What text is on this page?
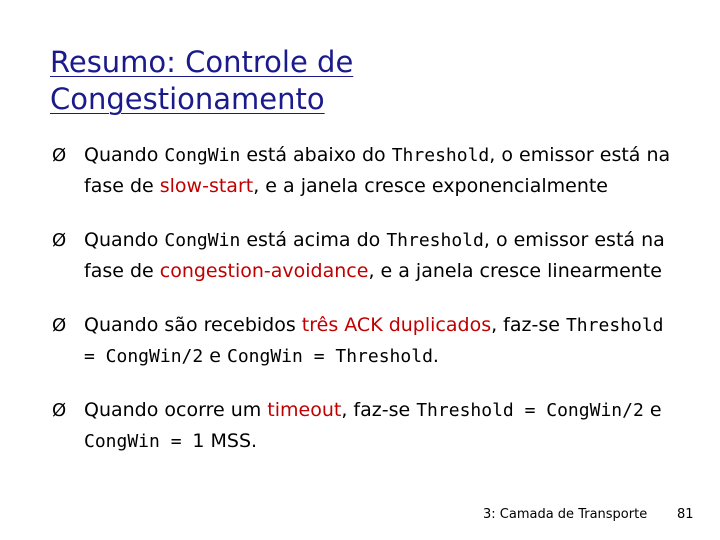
Resumo: Controle de
Congestionamento
Ø Quando CongWin está abaixo do Threshold, o emissor está na fase de slow-start, e a janela cresce exponencialmente
Ø Quando CongWin está acima do Threshold, o emissor está na fase de congestion-avoidance, e a janela cresce linearmente
Ø Quando são recebidos três ACK duplicados, faz-se Threshold = CongWin/2 e CongWin = Threshold.
Ø Quando ocorre um timeout, faz-se Threshold = CongWin/2 e CongWin = 1 MSS.
3: Camada de Transporte 81
